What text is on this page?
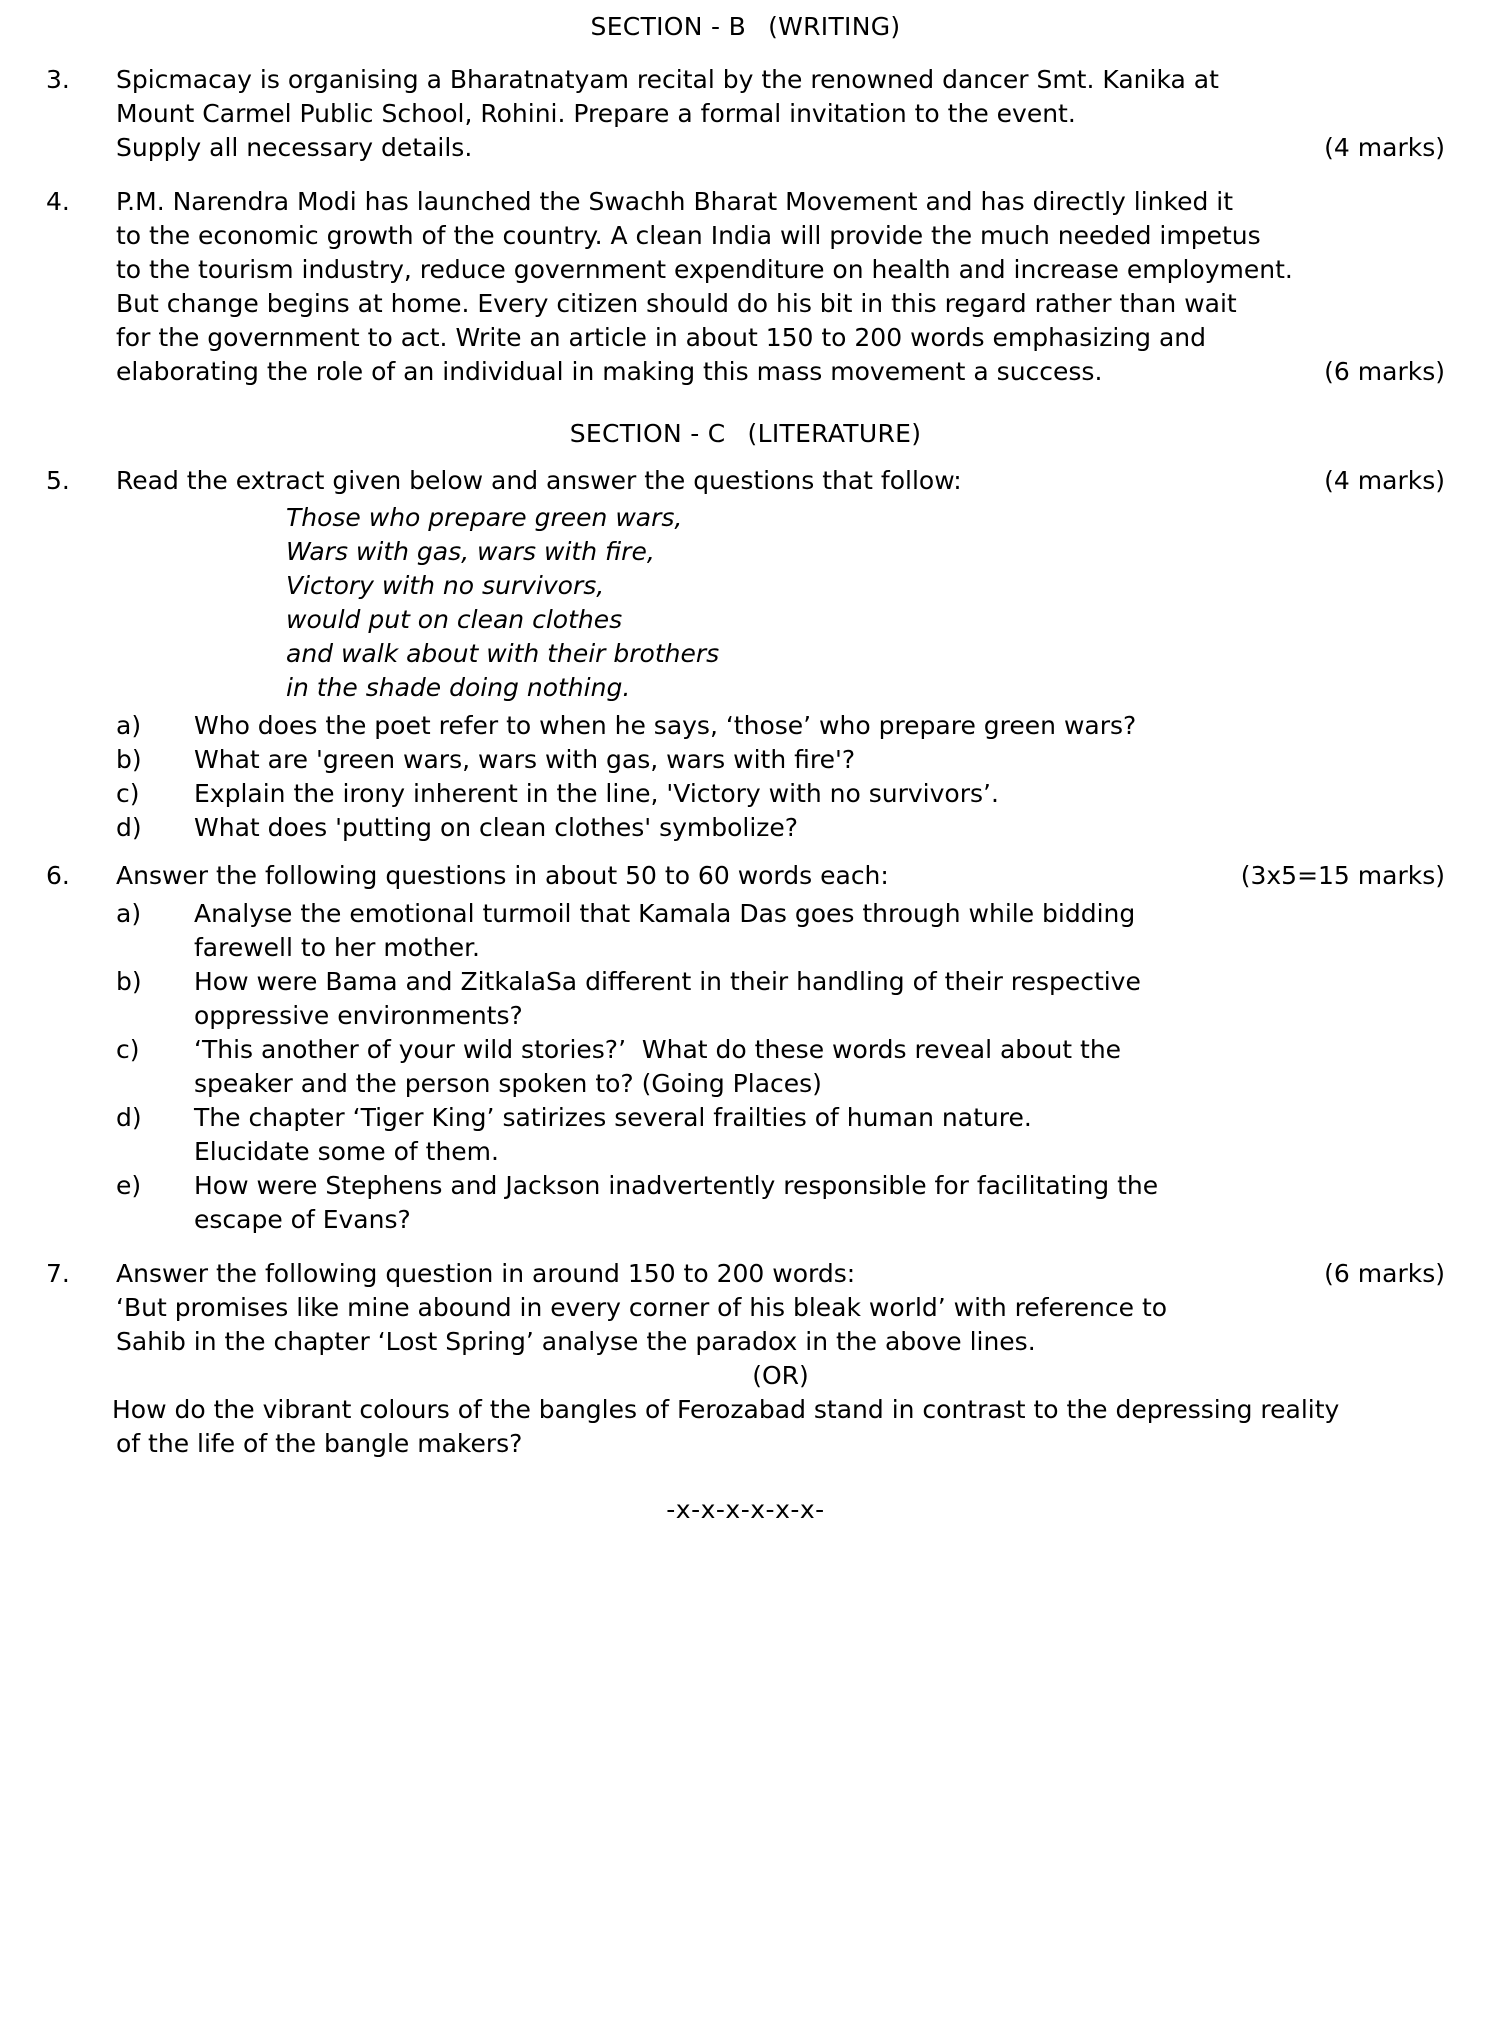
SECTION - B (WRITING)
3.	Spicmacay is organising a Bharatnatyam recital by the renowned dancer Smt. Kanika at
Mount Carmel Public School, Rohini. Prepare a formal invitation to the event.
Supply all necessary details.	(4 marks)
4.	P.M. Narendra Modi has launched the Swachh Bharat Movement and has directly linked it
to the economic growth of the country. A clean India will provide the much needed impetus
to the tourism industry, reduce government expenditure on health and increase employment.
But change begins at home. Every citizen should do his bit in this regard rather than wait
for the government to act. Write an article in about 150 to 200 words emphasizing and
elaborating the role of an individual in making this mass movement a success.	(6 marks)
SECTION - C (LITERATURE)
5.	Read the extract given below and answer the questions that follow:	(4 marks)
Those who prepare green wars,
Wars with gas, wars with fire,
Victory with no survivors,
would put on clean clothes
and walk about with their brothers
in the shade doing nothing.
a)	Who does the poet refer to when he says, ‘those’ who prepare green wars?
b)	What are 'green wars, wars with gas, wars with fire'?
c)	Explain the irony inherent in the line, 'Victory with no survivors’.
d)	What does 'putting on clean clothes' symbolize?
6.	Answer the following questions in about 50 to 60 words each:	(3x5=15 marks)
a)	Analyse the emotional turmoil that Kamala Das goes through while bidding
farewell to her mother.
b)	How were Bama and ZitkalaSa different in their handling of their respective
oppressive environments?
c)	‘This another of your wild stories?’  What do these words reveal about the
speaker and the person spoken to? (Going Places)
d)	The chapter ‘Tiger King’ satirizes several frailties of human nature.
Elucidate some of them.
e)	How were Stephens and Jackson inadvertently responsible for facilitating the
escape of Evans?
7.	Answer the following question in around 150 to 200 words:	(6 marks)
‘But promises like mine abound in every corner of his bleak world’ with reference to
Sahib in the chapter ‘Lost Spring’ analyse the paradox in the above lines.
(OR)
How do the vibrant colours of the bangles of Ferozabad stand in contrast to the depressing reality
of the life of the bangle makers?
-x-x-x-x-x-x-
